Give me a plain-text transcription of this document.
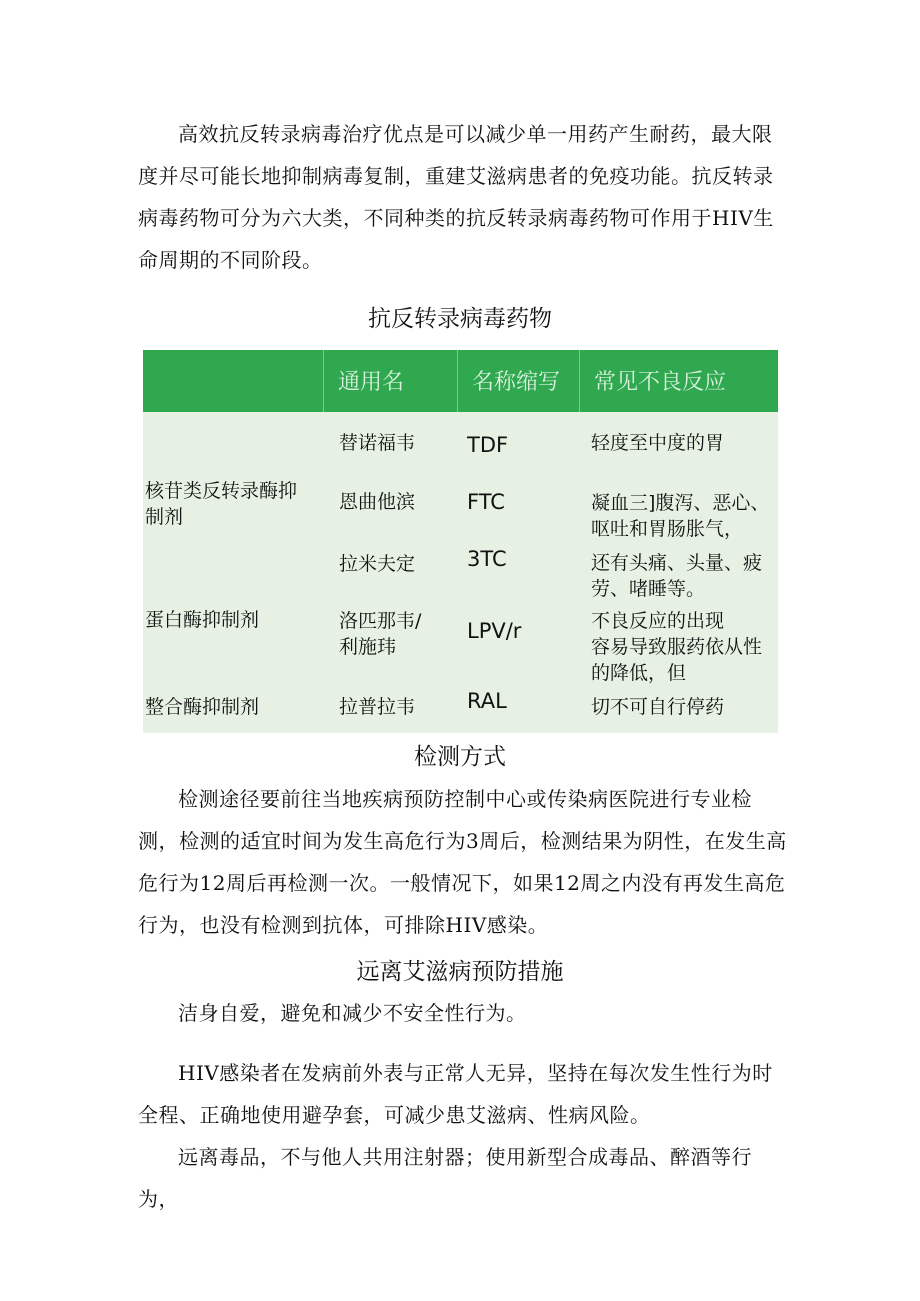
高效抗反转录病毒治疗优点是可以减少单一用药产生耐药，最大限度并尽可能长地抑制病毒复制，重建艾滋病患者的免疫功能。抗反转录病毒药物可分为六大类，不同种类的抗反转录病毒药物可作用于HIV生命周期的不同阶段。

抗反转录病毒药物
通用名	名称缩写	常见不良反应
核苷类反转录酶抑制剂
蛋白酶抑制剂
整合酶抑制剂
替诺福韦
恩曲他滨
拉米夫定
洛匹那韦/利施玮
拉普拉韦
TDF
FTC
3TC
LPV/r
RAL
轻度至中度的胃
凝血三]腹泻、恶心、
呕吐和胃肠胀气，
还有头痛、头量、疲
劳、啫睡等。
不良反应的出现
容易导致服药依从性
的降低，但
切不可自行停药
检测方式

检测途径要前往当地疾病预防控制中心或传染病医院进行专业检测，检测的适宜时间为发生高危行为3周后，检测结果为阴性，在发生高危行为12周后再检测一次。一般情况下，如果12周之内没有再发生高危行为，也没有检测到抗体，可排除HIV感染。

远离艾滋病预防措施

洁身自爱，避免和减少不安全性行为。

HIV感染者在发病前外表与正常人无异，坚持在每次发生性行为时全程、正确地使用避孕套，可减少患艾滋病、性病风险。

远离毒品，不与他人共用注射器；使用新型合成毒品、醉酒等行为，
